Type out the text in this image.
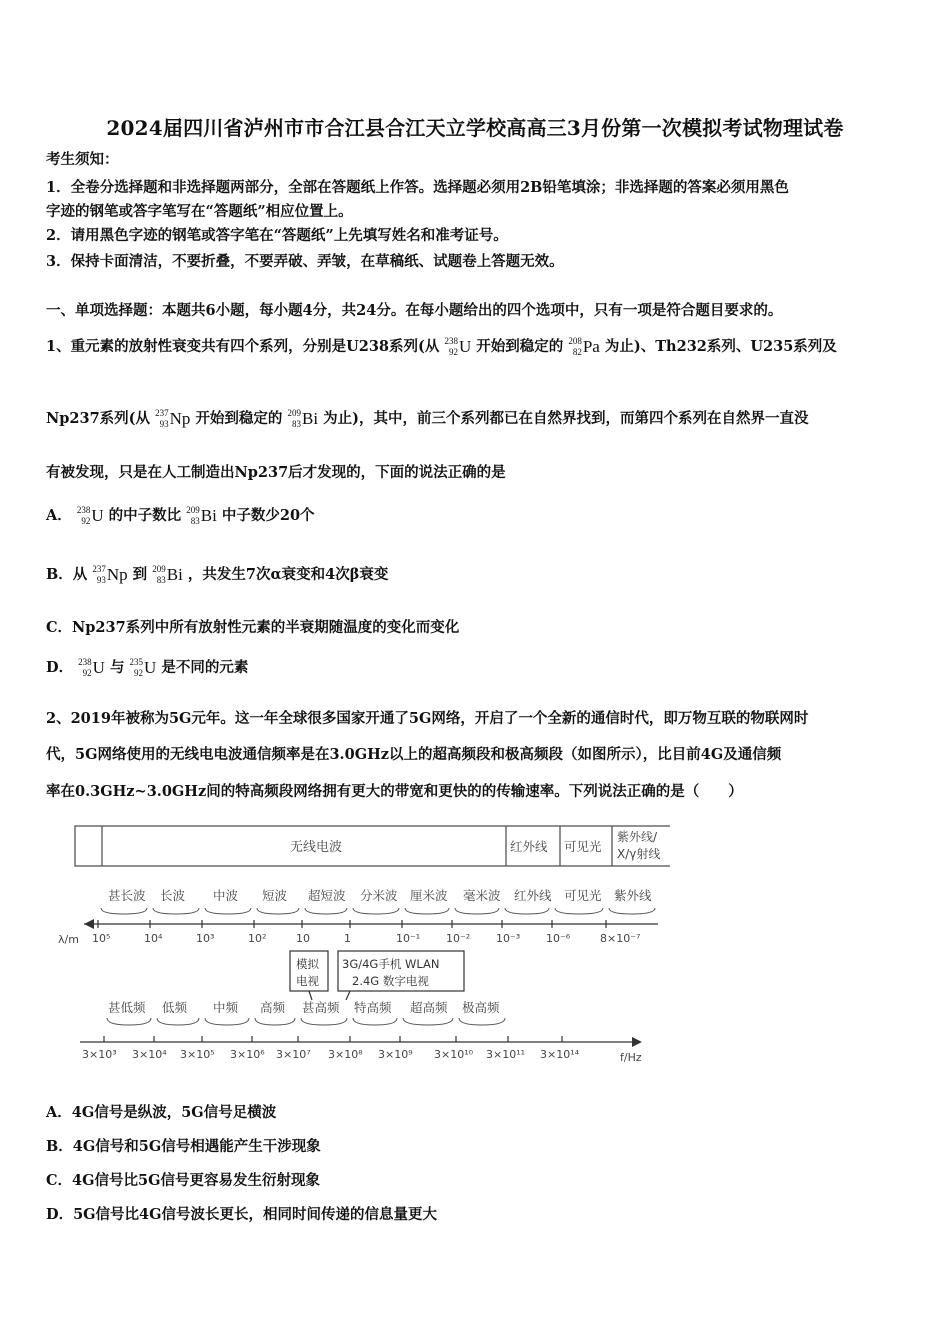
2024届四川省泸州市市合江县合江天立学校高高三3月份第一次模拟考试物理试卷
考生须知：
1．全卷分选择题和非选择题两部分，全部在答题纸上作答。选择题必须用2B铅笔填涂；非选择题的答案必须用黑色
字迹的钢笔或答字笔写在“答题纸”相应位置上。
2．请用黑色字迹的钢笔或答字笔在“答题纸”上先填写姓名和准考证号。
3．保持卡面清洁，不要折叠，不要弄破、弄皱，在草稿纸、试题卷上答题无效。
一、单项选择题：本题共6小题，每小题4分，共24分。在每小题给出的四个选项中，只有一项是符合题目要求的。
1、重元素的放射性衰变共有四个系列，分别是U238系列(从 238
92 U 开始到稳定的 208
82 Pa 为止)、Th232系列、U235系列及
Np237系列(从 237
93 Np 开始到稳定的 209
83 Bi 为止)，其中，前三个系列都已在自然界找到，而第四个系列在自然界一直没
有被发现，只是在人工制造出Np237后才发现的，下面的说法正确的是
A． 238
92 U 的中子数比 209
83 Bi 中子数少20个
B．从 237
93 Np 到 209
83 Bi ，共发生7次α衰变和4次β衰变
C．Np237系列中所有放射性元素的半衰期随温度的变化而变化
D． 238
92 U 与 235
92 U 是不同的元素
2、2019年被称为5G元年。这一年全球很多国家开通了5G网络，开启了一个全新的通信时代，即万物互联的物联网时
代，5G网络使用的无线电电波通信频率是在3.0GHz以上的超高频段和极高频段（如图所示），比目前4G及通信频
率在0.3GHz~3.0GHz间的特高频段网络拥有更大的带宽和更快的的传输速率。下列说法正确的是（　　）
无线电波	红外线 可见光
紫外线/
X/γ射线
甚长波 长波 中波 短波 超短波 分米波 厘米波 毫米波 红外线 可见光 紫外线
10⁵	10⁴	10³	10²	10	1	10⁻¹ 10⁻² 10⁻³ 10⁻⁶	8×10⁻⁷
λ/m
模拟
电视
3G/4G手机 WLAN
2.4G 数字电视
甚低频 低频 中频 高频 甚高频 特高频 超高频 极高频
3×10³ 3×10⁴ 3×10⁵ 3×10⁶ 3×10⁷ 3×10⁸ 3×10⁹ 3×10¹⁰ 3×10¹¹ 3×10¹⁴	f/Hz
A．4G信号是纵波，5G信号足横波
B．4G信号和5G信号相遇能产生干涉现象
C．4G信号比5G信号更容易发生衍射现象
D．5G信号比4G信号波长更长，相同时间传递的信息量更大
